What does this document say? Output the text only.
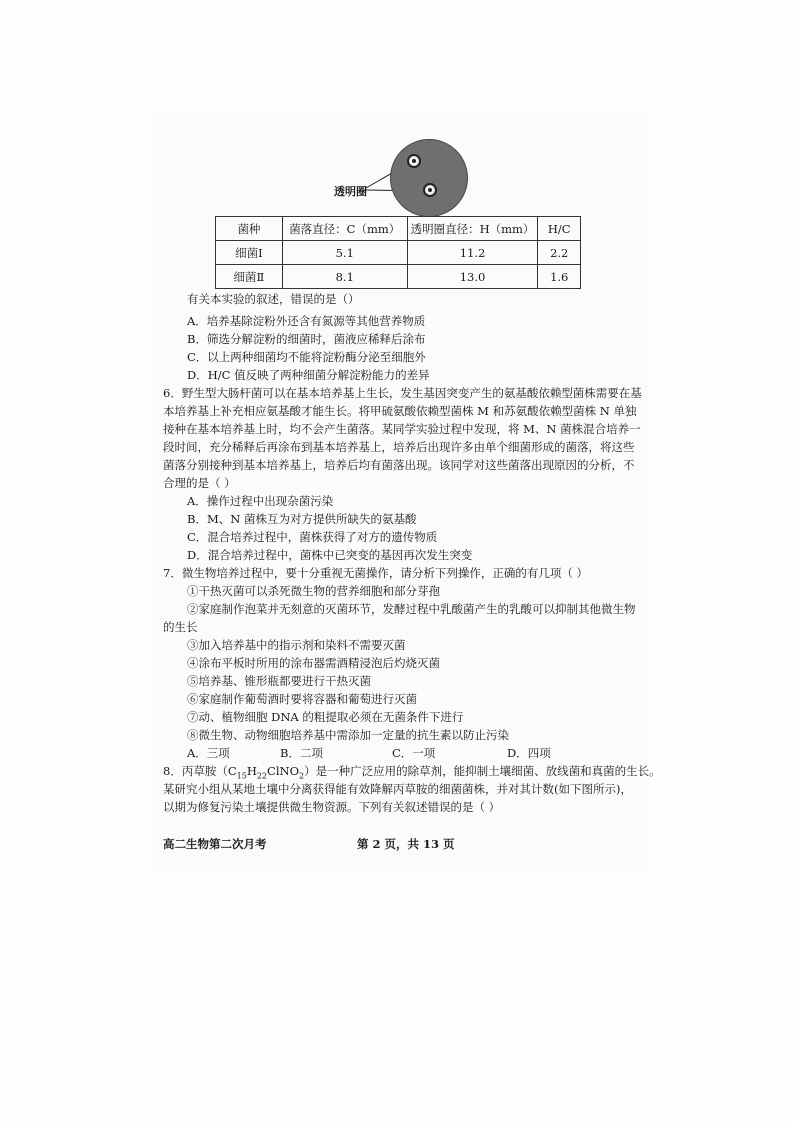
透明圈
菌种	菌落直径：C（mm）	透明圈直径：H（mm）	H/C
细菌Ⅰ	5.1	11.2	2.2
细菌Ⅱ	8.1	13.0	1.6
有关本实验的叙述，错误的是（）
A．培养基除淀粉外还含有氮源等其他营养物质
B．筛选分解淀粉的细菌时，菌液应稀释后涂布
C．以上两种细菌均不能将淀粉酶分泌至细胞外
D．H/C 值反映了两种细菌分解淀粉能力的差异
6．野生型大肠杆菌可以在基本培养基上生长，发生基因突变产生的氨基酸依赖型菌株需要在基
本培养基上补充相应氨基酸才能生长。将甲硫氨酸依赖型菌株 M 和苏氨酸依赖型菌株 N 单独
接种在基本培养基上时，均不会产生菌落。某同学实验过程中发现，将 M、N 菌株混合培养一
段时间，充分稀释后再涂布到基本培养基上，培养后出现许多由单个细菌形成的菌落，将这些
菌落分别接种到基本培养基上，培养后均有菌落出现。该同学对这些菌落出现原因的分析，不
合理的是（ ）
A．操作过程中出现杂菌污染
B．M、N 菌株互为对方提供所缺失的氨基酸
C．混合培养过程中，菌株获得了对方的遗传物质
D．混合培养过程中，菌株中已突变的基因再次发生突变
7．微生物培养过程中，要十分重视无菌操作，请分析下列操作，正确的有几项（ ）
①干热灭菌可以杀死微生物的营养细胞和部分芽孢
②家庭制作泡菜并无刻意的灭菌环节，发酵过程中乳酸菌产生的乳酸可以抑制其他微生物
的生长
③加入培养基中的指示剂和染料不需要灭菌
④涂布平板时所用的涂布器需酒精浸泡后灼烧灭菌
⑤培养基、锥形瓶都要进行干热灭菌
⑥家庭制作葡萄酒时要将容器和葡萄进行灭菌
⑦动、植物细胞 DNA 的粗提取必须在无菌条件下进行
⑧微生物、动物细胞培养基中需添加一定量的抗生素以防止污染
A．三项	B．二项	C．一项	D．四项
8．丙草胺$(C_{15}H_{22}ClNO_2)$是一种广泛应用的除草剂，能抑制土壤细菌、放线菌和真菌的生长。
某研究小组从某地土壤中分离获得能有效降解丙草胺的细菌菌株，并对其计数(如下图所示)，
以期为修复污染土壤提供微生物资源。下列有关叙述错误的是（ ）
高二生物第二次月考	第 2 页，共 13 页
